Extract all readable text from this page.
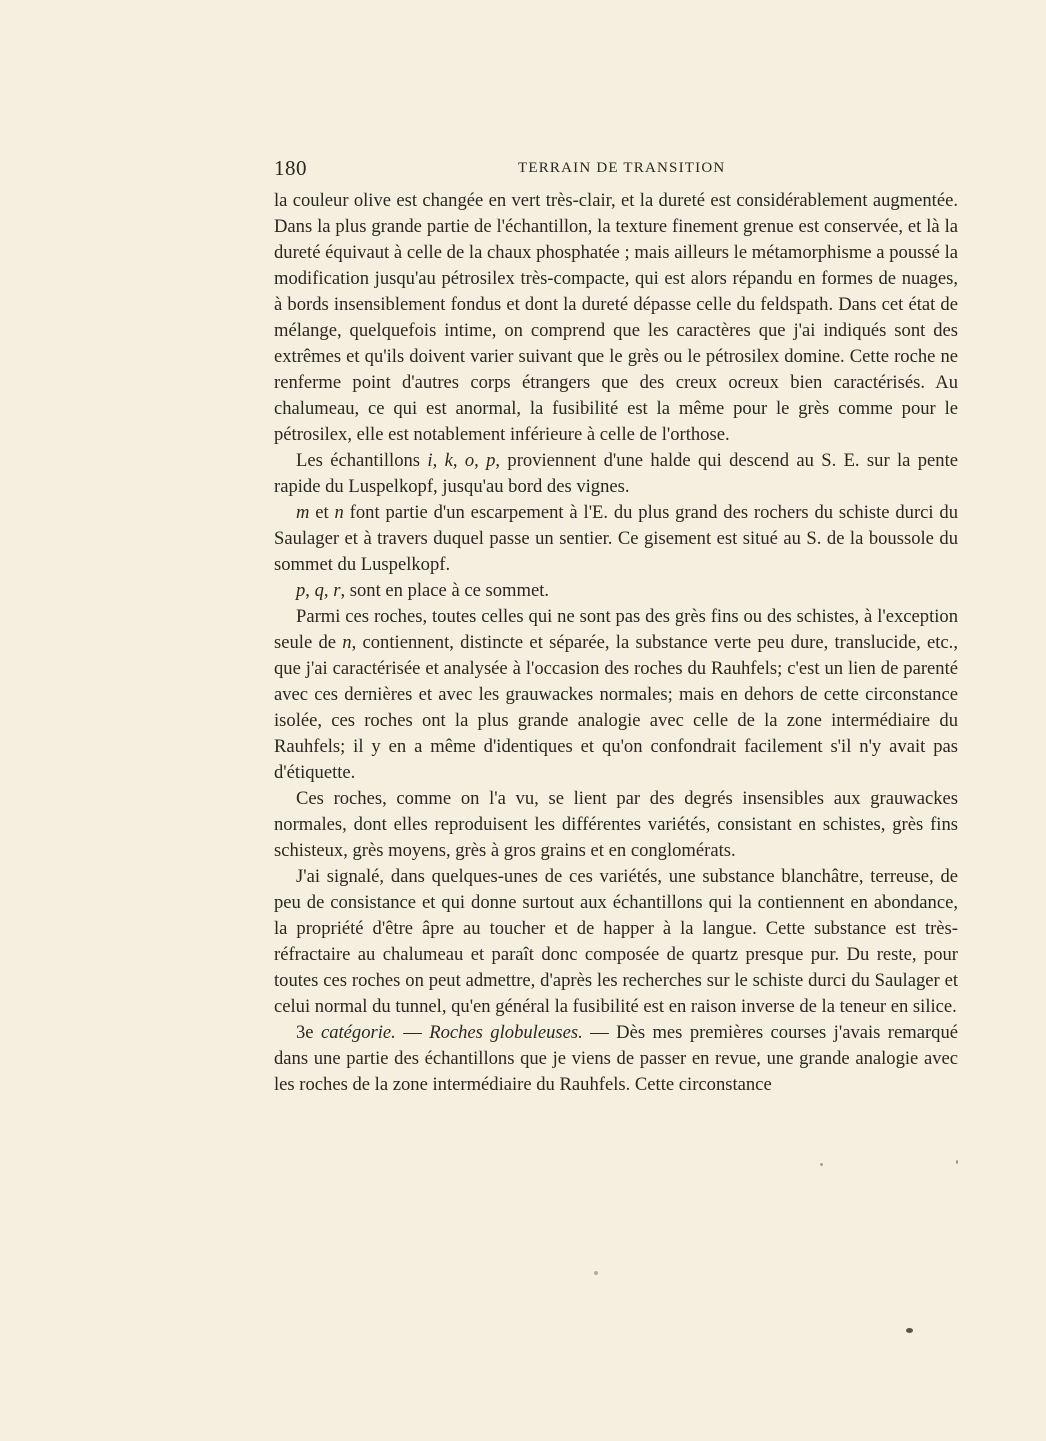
180	TERRAIN DE TRANSITION

la couleur olive est changée en vert très-clair, et la dureté est considérablement augmentée. Dans la plus grande partie de l'échantillon, la texture finement grenue est conservée, et là la dureté équivaut à celle de la chaux phosphatée ; mais ailleurs le métamorphisme a poussé la modification jusqu'au pétrosilex très-compacte, qui est alors répandu en formes de nuages, à bords insensiblement fondus et dont la dureté dépasse celle du feldspath. Dans cet état de mélange, quelquefois intime, on comprend que les caractères que j'ai indiqués sont des extrêmes et qu'ils doivent varier suivant que le grès ou le pétrosilex domine. Cette roche ne renferme point d'autres corps étrangers que des creux ocreux bien caractérisés. Au chalumeau, ce qui est anormal, la fusibilité est la même pour le grès comme pour le pétrosilex, elle est notablement inférieure à celle de l'orthose.

Les échantillons i, k, o, p, proviennent d'une halde qui descend au S. E. sur la pente rapide du Luspelkopf, jusqu'au bord des vignes.

m et n font partie d'un escarpement à l'E. du plus grand des rochers du schiste durci du Saulager et à travers duquel passe un sentier. Ce gisement est situé au S. de la boussole du sommet du Luspelkopf.

p, q, r, sont en place à ce sommet.

Parmi ces roches, toutes celles qui ne sont pas des grès fins ou des schistes, à l'exception seule de n, contiennent, distincte et séparée, la substance verte peu dure, translucide, etc., que j'ai caractérisée et analysée à l'occasion des roches du Rauhfels; c'est un lien de parenté avec ces dernières et avec les grauwackes normales; mais en dehors de cette circonstance isolée, ces roches ont la plus grande analogie avec celle de la zone intermédiaire du Rauhfels; il y en a même d'identiques et qu'on confondrait facilement s'il n'y avait pas d'étiquette.

Ces roches, comme on l'a vu, se lient par des degrés insensibles aux grauwackes normales, dont elles reproduisent les différentes variétés, consistant en schistes, grès fins schisteux, grès moyens, grès à gros grains et en conglomérats.

J'ai signalé, dans quelques-unes de ces variétés, une substance blanchâtre, terreuse, de peu de consistance et qui donne surtout aux échantillons qui la contiennent en abondance, la propriété d'être âpre au toucher et de happer à la langue. Cette substance est très-réfractaire au chalumeau et paraît donc composée de quartz presque pur. Du reste, pour toutes ces roches on peut admettre, d'après les recherches sur le schiste durci du Saulager et celui normal du tunnel, qu'en général la fusibilité est en raison inverse de la teneur en silice.

3e catégorie. — Roches globuleuses. — Dès mes premières courses j'avais remarqué dans une partie des échantillons que je viens de passer en revue, une grande analogie avec les roches de la zone intermédiaire du Rauhfels. Cette circonstance
